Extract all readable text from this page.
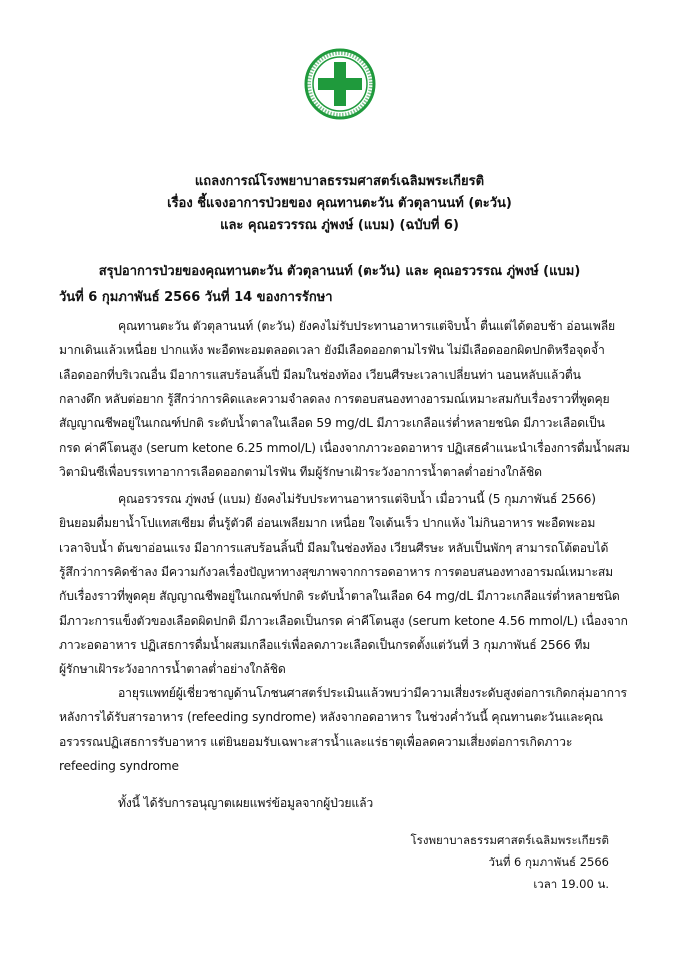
แถลงการณ์โรงพยาบาลธรรมศาสตร์เฉลิมพระเกียรติ
เรื่อง ชี้แจงอาการป่วยของ คุณทานตะวัน ตัวตุลานนท์ (ตะวัน)
และ คุณอรวรรณ ภู่พงษ์ (แบม) (ฉบับที่ 6)
สรุปอาการป่วยของคุณทานตะวัน ตัวตุลานนท์ (ตะวัน) และ คุณอรวรรณ ภู่พงษ์ (แบม)
วันที่ 6 กุมภาพันธ์ 2566 วันที่ 14 ของการรักษา
คุณทานตะวัน ตัวตุลานนท์ (ตะวัน) ยังคงไม่รับประทานอาหารแต่จิบน้ำ ตื่นแต่ได้ตอบช้า อ่อนเพลีย
มากเดินแล้วเหนื่อย ปากแห้ง พะอืดพะอมตลอดเวลา ยังมีเลือดออกตามไรฟัน ไม่มีเลือดออกผิดปกติหรือจุดจ้ำ
เลือดออกที่บริเวณอื่น มีอาการแสบร้อนลิ้นปี่ มีลมในช่องท้อง เวียนศีรษะเวลาเปลี่ยนท่า นอนหลับแล้วตื่น
กลางดึก หลับต่อยาก รู้สึกว่าการคิดและความจำลดลง การตอบสนองทางอารมณ์เหมาะสมกับเรื่องราวที่พูดคุย
สัญญาณชีพอยู่ในเกณฑ์ปกติ ระดับน้ำตาลในเลือด 59 mg/dL มีภาวะเกลือแร่ต่ำหลายชนิด มีภาวะเลือดเป็น
กรด ค่าคีโตนสูง (serum ketone 6.25 mmol/L) เนื่องจากภาวะอดอาหาร ปฏิเสธคำแนะนำเรื่องการดื่มน้ำผสม
วิตามินซีเพื่อบรรเทาอาการเลือดออกตามไรฟัน ทีมผู้รักษาเฝ้าระวังอาการน้ำตาลต่ำอย่างใกล้ชิด
คุณอรวรรณ ภู่พงษ์ (แบม) ยังคงไม่รับประทานอาหารแต่จิบน้ำ เมื่อวานนี้ (5 กุมภาพันธ์ 2566)
ยินยอมดื่มยาน้ำโปแทสเซียม ตื่นรู้ตัวดี อ่อนเพลียมาก เหนื่อย ใจเต้นเร็ว ปากแห้ง ไม่กินอาหาร พะอืดพะอม
เวลาจิบน้ำ ต้นขาอ่อนแรง มีอาการแสบร้อนลิ้นปี่ มีลมในช่องท้อง เวียนศีรษะ หลับเป็นพักๆ สามารถโต้ตอบได้
รู้สึกว่าการคิดช้าลง มีความกังวลเรื่องปัญหาทางสุขภาพจากการอดอาหาร การตอบสนองทางอารมณ์เหมาะสม
กับเรื่องราวที่พูดคุย สัญญาณชีพอยู่ในเกณฑ์ปกติ ระดับน้ำตาลในเลือด 64 mg/dL มีภาวะเกลือแร่ต่ำหลายชนิด
มีภาวะการแข็งตัวของเลือดผิดปกติ มีภาวะเลือดเป็นกรด ค่าคีโตนสูง (serum ketone 4.56 mmol/L) เนื่องจาก
ภาวะอดอาหาร ปฏิเสธการดื่มน้ำผสมเกลือแร่เพื่อลดภาวะเลือดเป็นกรดตั้งแต่วันที่ 3 กุมภาพันธ์ 2566 ทีม
ผู้รักษาเฝ้าระวังอาการน้ำตาลต่ำอย่างใกล้ชิด
อายุรแพทย์ผู้เชี่ยวชาญด้านโภชนศาสตร์ประเมินแล้วพบว่ามีความเสี่ยงระดับสูงต่อการเกิดกลุ่มอาการ
หลังการได้รับสารอาหาร (refeeding syndrome) หลังจากอดอาหาร ในช่วงค่ำวันนี้ คุณทานตะวันและคุณ
อรวรรณปฏิเสธการรับอาหาร แต่ยินยอมรับเฉพาะสารน้ำและแร่ธาตุเพื่อลดความเสี่ยงต่อการเกิดภาวะ
refeeding syndrome
ทั้งนี้ ได้รับการอนุญาตเผยแพร่ข้อมูลจากผู้ป่วยแล้ว
โรงพยาบาลธรรมศาสตร์เฉลิมพระเกียรติ
วันที่ 6 กุมภาพันธ์ 2566
เวลา 19.00 น.
